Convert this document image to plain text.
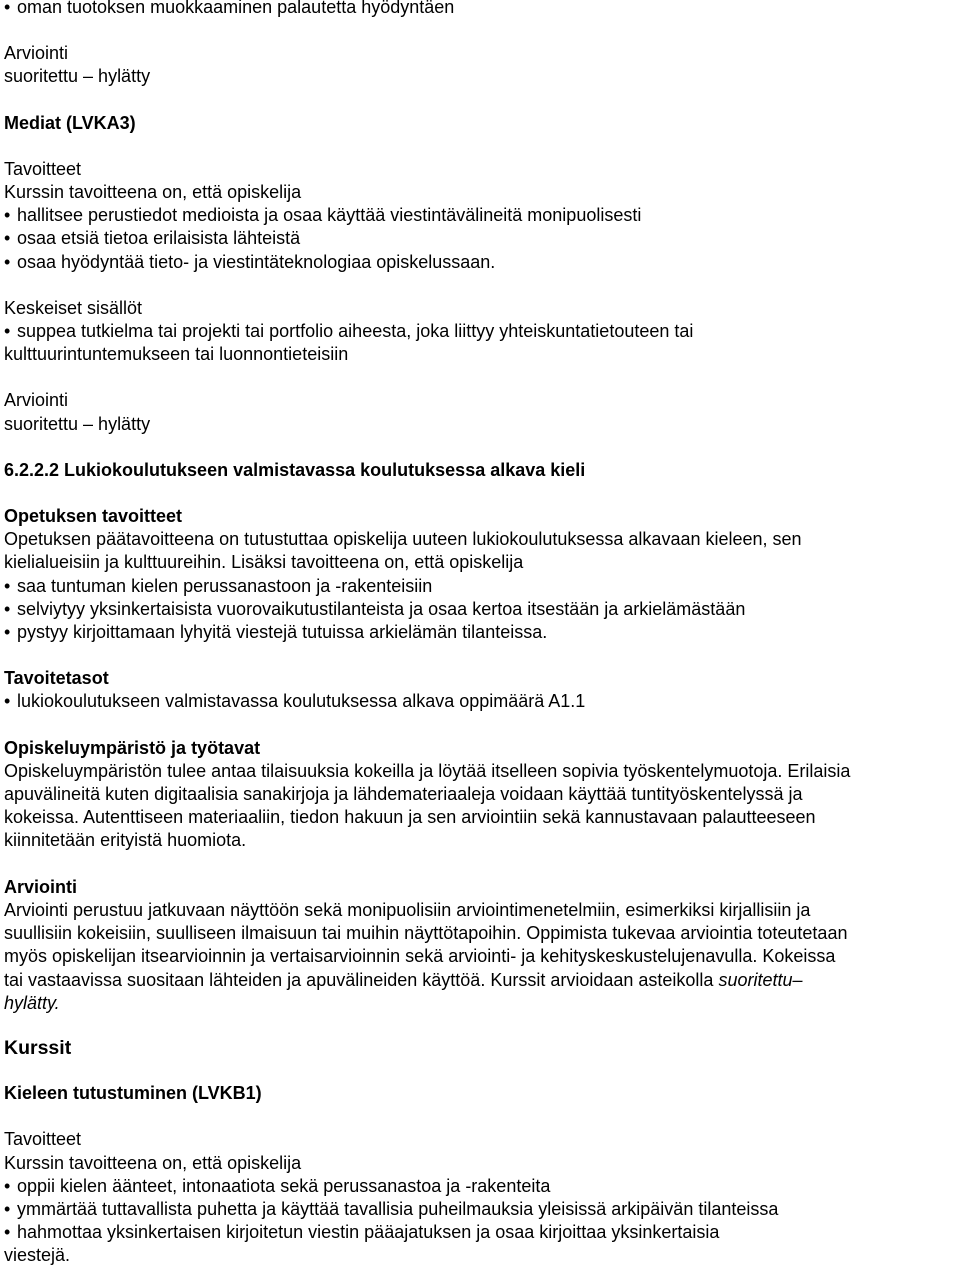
• oman tuotoksen muokkaaminen palautetta hyödyntäen

Arviointi

suoritettu – hylätty

Mediat (LVKA3)

Tavoitteet

Kurssin tavoitteena on, että opiskelija

• hallitsee perustiedot medioista ja osaa käyttää viestintävälineitä monipuolisesti

• osaa etsiä tietoa erilaisista lähteistä

• osaa hyödyntää tieto- ja viestintäteknologiaa opiskelussaan.

Keskeiset sisällöt

• suppea tutkielma tai projekti tai portfolio aiheesta, joka liittyy yhteiskuntatietouteen tai

kulttuurintuntemukseen tai luonnontieteisiin

Arviointi

suoritettu – hylätty

6.2.2.2 Lukiokoulutukseen valmistavassa koulutuksessa alkava kieli

Opetuksen tavoitteet

Opetuksen päätavoitteena on tutustuttaa opiskelija uuteen lukiokoulutuksessa alkavaan kieleen, sen

kielialueisiin ja kulttuureihin. Lisäksi tavoitteena on, että opiskelija

• saa tuntuman kielen perussanastoon ja -rakenteisiin

• selviytyy yksinkertaisista vuorovaikutustilanteista ja osaa kertoa itsestään ja arkielämästään

• pystyy kirjoittamaan lyhyitä viestejä tutuissa arkielämän tilanteissa.

Tavoitetasot

• lukiokoulutukseen valmistavassa koulutuksessa alkava oppimäärä A1.1

Opiskeluympäristö ja työtavat

Opiskeluympäristön tulee antaa tilaisuuksia kokeilla ja löytää itselleen sopivia työskentelymuotoja. Erilaisia

apuvälineitä kuten digitaalisia sanakirjoja ja lähdemateriaaleja voidaan käyttää tuntityöskentelyssä ja

kokeissa. Autenttiseen materiaaliin, tiedon hakuun ja sen arviointiin sekä kannustavaan palautteeseen

kiinnitetään erityistä huomiota.

Arviointi

Arviointi perustuu jatkuvaan näyttöön sekä monipuolisiin arviointimenetelmiin, esimerkiksi kirjallisiin ja

suullisiin kokeisiin, suulliseen ilmaisuun tai muihin näyttötapoihin. Oppimista tukevaa arviointia toteutetaan

myös opiskelijan itsearvioinnin ja vertaisarvioinnin sekä arviointi- ja kehityskeskustelujenavulla. Kokeissa

tai vastaavissa suositaan lähteiden ja apuvälineiden käyttöä. Kurssit arvioidaan asteikolla suoritettu–

hylätty.

Kurssit

Kieleen tutustuminen (LVKB1)

Tavoitteet

Kurssin tavoitteena on, että opiskelija

• oppii kielen äänteet, intonaatiota sekä perussanastoa ja -rakenteita

• ymmärtää tuttavallista puhetta ja käyttää tavallisia puheilmauksia yleisissä arkipäivän tilanteissa

• hahmottaa yksinkertaisen kirjoitetun viestin pääajatuksen ja osaa kirjoittaa yksinkertaisia

viestejä.
